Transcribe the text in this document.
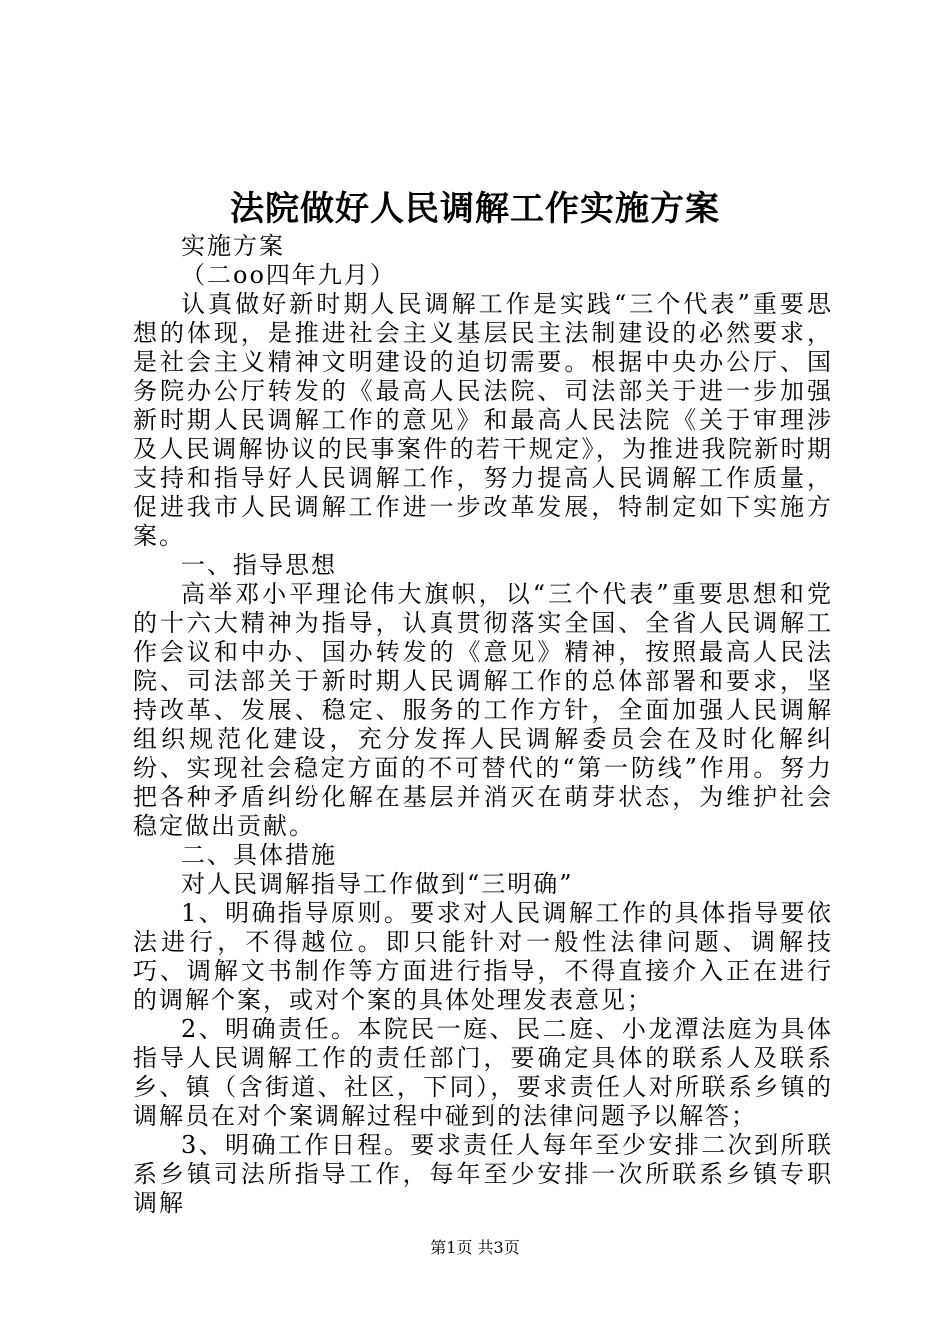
法院做好人民调解工作实施方案

实施方案

（二oo四年九月）

认真做好新时期人民调解工作是实践“三个代表”重要思想的体现，是推进社会主义基层民主法制建设的必然要求，是社会主义精神文明建设的迫切需要。根据中央办公厅、国务院办公厅转发的《最高人民法院、司法部关于进一步加强新时期人民调解工作的意见》和最高人民法院《关于审理涉及人民调解协议的民事案件的若干规定》，为推进我院新时期支持和指导好人民调解工作，努力提高人民调解工作质量，促进我市人民调解工作进一步改革发展，特制定如下实施方案。

一、指导思想

高举邓小平理论伟大旗帜，以“三个代表”重要思想和党的十六大精神为指导，认真贯彻落实全国、全省人民调解工作会议和中办、国办转发的《意见》精神，按照最高人民法院、司法部关于新时期人民调解工作的总体部署和要求，坚持改革、发展、稳定、服务的工作方针，全面加强人民调解组织规范化建设，充分发挥人民调解委员会在及时化解纠纷、实现社会稳定方面的不可替代的“第一防线”作用。努力把各种矛盾纠纷化解在基层并消灭在萌芽状态，为维护社会稳定做出贡献。

二、具体措施

对人民调解指导工作做到“三明确”

1、明确指导原则。要求对人民调解工作的具体指导要依法进行，不得越位。即只能针对一般性法律问题、调解技巧、调解文书制作等方面进行指导，不得直接介入正在进行的调解个案，或对个案的具体处理发表意见；

2、明确责任。本院民一庭、民二庭、小龙潭法庭为具体指导人民调解工作的责任部门，要确定具体的联系人及联系乡、镇（含街道、社区，下同），要求责任人对所联系乡镇的调解员在对个案调解过程中碰到的法律问题予以解答；

3、明确工作日程。要求责任人每年至少安排二次到所联系乡镇司法所指导工作，每年至少安排一次所联系乡镇专职调解

第1页 共3页
